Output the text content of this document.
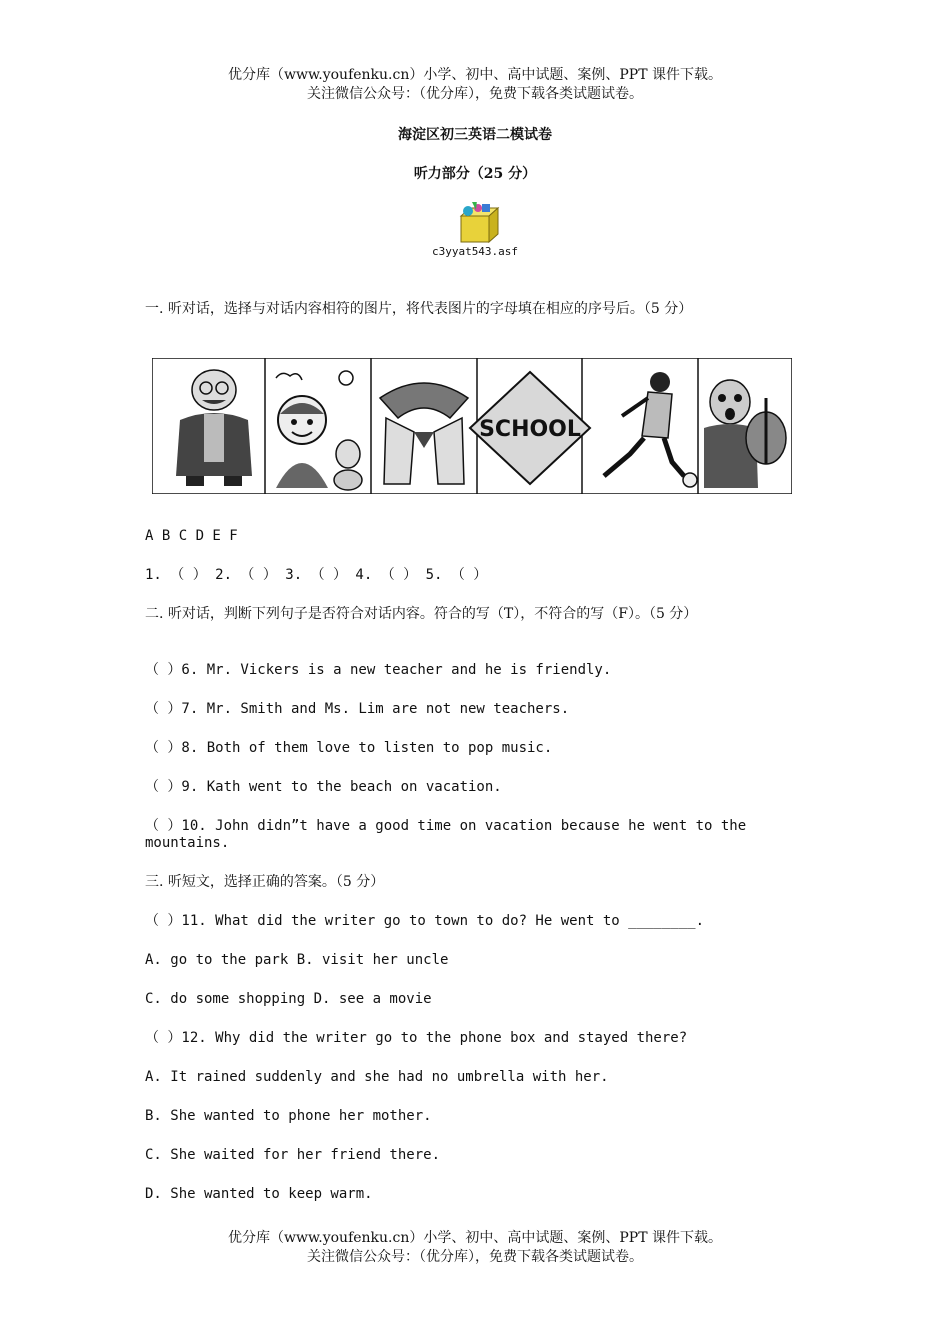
优分库（www.youfenku.cn）小学、初中、高中试题、案例、PPT 课件下载。
关注微信公众号：（优分库），免费下载各类试题试卷。
海淀区初三英语二模试卷
听力部分（25 分）
c3yyat543.asf
一. 听对话，选择与对话内容相符的图片，将代表图片的字母填在相应的序号后。（5 分）
SCHOOL
A B C D E F
1. （ ） 2. （ ） 3. （ ） 4. （ ） 5. （ ）
二. 听对话，判断下列句子是否符合对话内容。符合的写（T），不符合的写（F）。（5 分）
（ ）6. Mr. Vickers is a new teacher and he is friendly.
（ ）7. Mr. Smith and Ms. Lim are not new teachers.
（ ）8. Both of them love to listen to pop music.
（ ）9. Kath went to the beach on vacation.
（ ）10. John didn”t have a good time on vacation because he went to the mountains.
三. 听短文，选择正确的答案。（5 分）
（ ）11. What did the writer go to town to do? He went to ________.
A. go to the park B. visit her uncle
C. do some shopping D. see a movie
（ ）12. Why did the writer go to the phone box and stayed there?
A. It rained suddenly and she had no umbrella with her.
B. She wanted to phone her mother.
C. She waited for her friend there.
D. She wanted to keep warm.
优分库（www.youfenku.cn）小学、初中、高中试题、案例、PPT 课件下载。
关注微信公众号：（优分库），免费下载各类试题试卷。
